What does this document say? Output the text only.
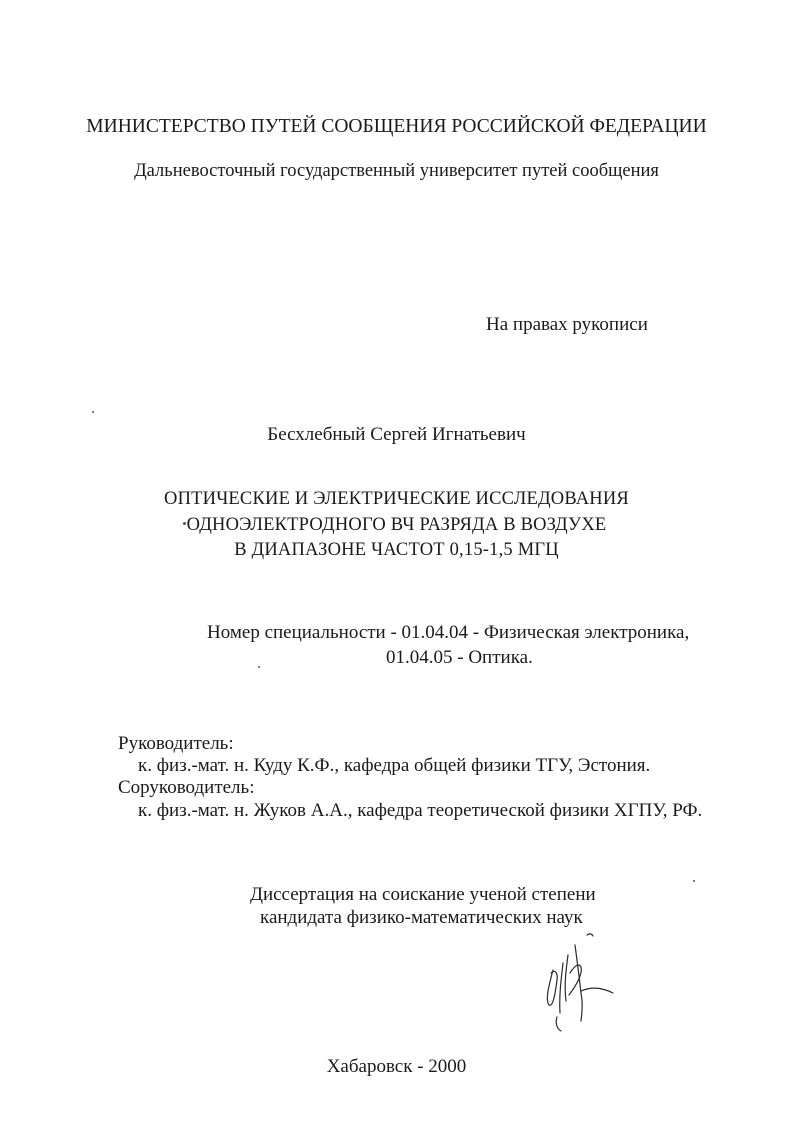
МИНИСТЕРСТВО ПУТЕЙ СООБЩЕНИЯ РОССИЙСКОЙ ФЕДЕРАЦИИ
Дальневосточный государственный университет путей сообщения
На правах рукописи
Бесхлебный Сергей Игнатьевич
ОПТИЧЕСКИЕ И ЭЛЕКТРИЧЕСКИЕ ИССЛЕДОВАНИЯ
ОДНОЭЛЕКТРОДНОГО ВЧ РАЗРЯДА В ВОЗДУХЕ
В ДИАПАЗОНЕ ЧАСТОТ 0,15-1,5 МГЦ
Номер специальности - 01.04.04 - Физическая электроника,
01.04.05 - Оптика.
Руководитель:
к. физ.-мат. н. Куду К.Ф., кафедра общей физики ТГУ, Эстония.
Соруководитель:
к. физ.-мат. н. Жуков А.А., кафедра теоретической физики ХГПУ, РФ.
Диссертация на соискание ученой степени
кандидата физико-математических наук
Хабаровск - 2000
